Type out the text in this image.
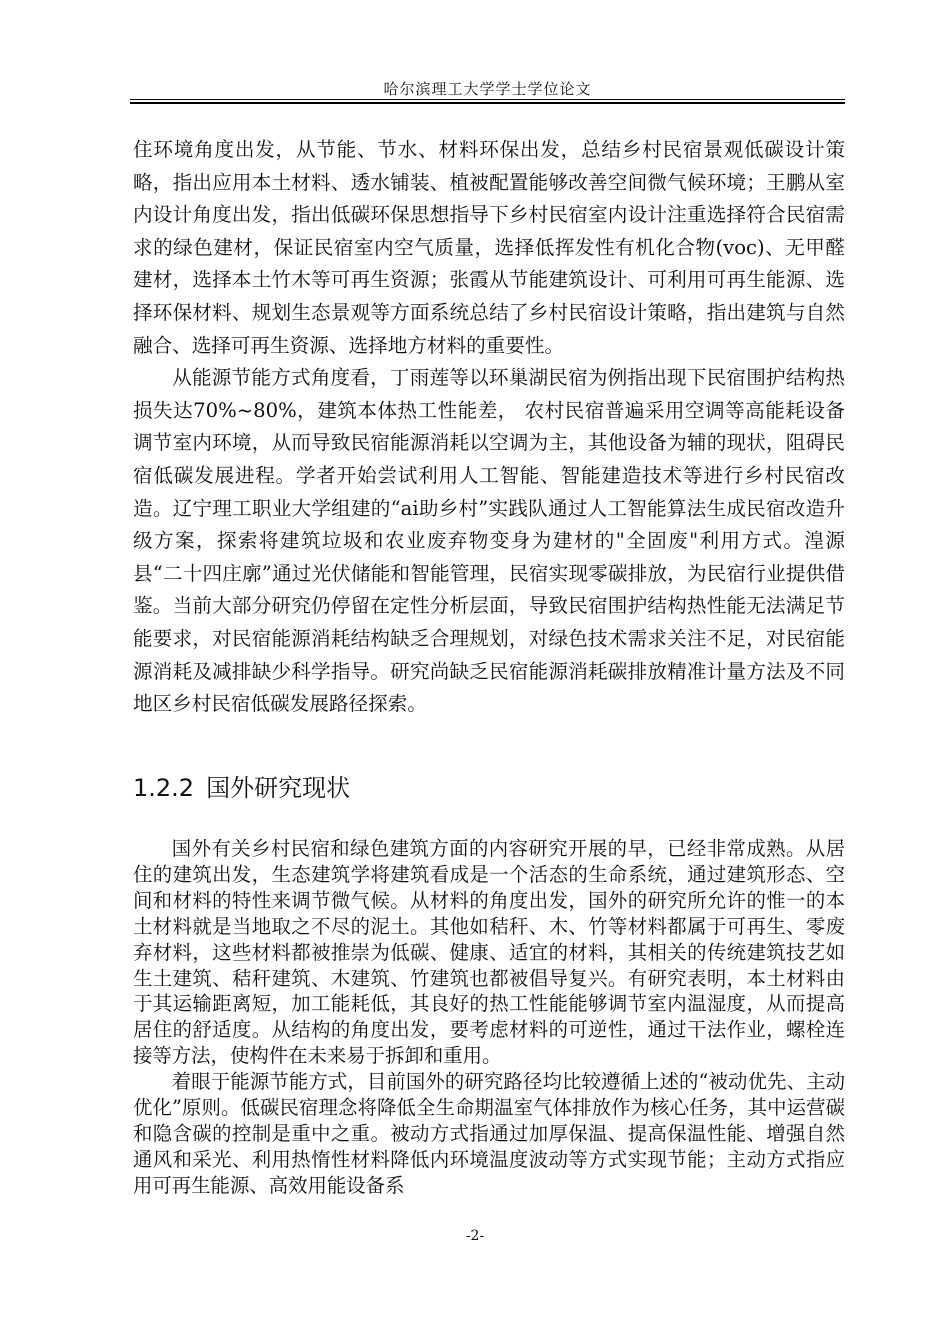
哈尔滨理工大学学士学位论文

住环境角度出发，从节能、节水、材料环保出发，总结乡村民宿景观低碳设计策略，指出应用本土材料、透水铺装、植被配置能够改善空间微气候环境；王鹏从室内设计角度出发，指出低碳环保思想指导下乡村民宿室内设计注重选择符合民宿需求的绿色建材，保证民宿室内空气质量，选择低挥发性有机化合物(voc)、无甲醛建材，选择本土竹木等可再生资源；张霞从节能建筑设计、可利用可再生能源、选择环保材料、规划生态景观等方面系统总结了乡村民宿设计策略，指出建筑与自然融合、选择可再生资源、选择地方材料的重要性。

从能源节能方式角度看，丁雨莲等以环巢湖民宿为例指出现下民宿围护结构热损失达70%~80%，建筑本体热工性能差， 农村民宿普遍采用空调等高能耗设备调节室内环境，从而导致民宿能源消耗以空调为主，其他设备为辅的现状，阻碍民宿低碳发展进程。学者开始尝试利用人工智能、智能建造技术等进行乡村民宿改造。辽宁理工职业大学组建的“ai助乡村”实践队通过人工智能算法生成民宿改造升级方案，探索将建筑垃圾和农业废弃物变身为建材的"全固废"利用方式。湟源县“二十四庄廓”通过光伏储能和智能管理，民宿实现零碳排放，为民宿行业提供借鉴。当前大部分研究仍停留在定性分析层面，导致民宿围护结构热性能无法满足节能要求，对民宿能源消耗结构缺乏合理规划，对绿色技术需求关注不足，对民宿能源消耗及减排缺少科学指导。研究尚缺乏民宿能源消耗碳排放精准计量方法及不同地区乡村民宿低碳发展路径探索。

1.2.2 国外研究现状

国外有关乡村民宿和绿色建筑方面的内容研究开展的早，已经非常成熟。从居住的建筑出发，生态建筑学将建筑看成是一个活态的生命系统，通过建筑形态、空间和材料的特性来调节微气候。从材料的角度出发，国外的研究所允许的惟一的本土材料就是当地取之不尽的泥土。其他如秸秆、木、竹等材料都属于可再生、零废弃材料，这些材料都被推崇为低碳、健康、适宜的材料，其相关的传统建筑技艺如生土建筑、秸秆建筑、木建筑、竹建筑也都被倡导复兴。有研究表明，本土材料由于其运输距离短，加工能耗低，其良好的热工性能能够调节室内温湿度，从而提高居住的舒适度。从结构的角度出发，要考虑材料的可逆性，通过干法作业，螺栓连接等方法，使构件在未来易于拆卸和重用。

着眼于能源节能方式，目前国外的研究路径均比较遵循上述的“被动优先、主动优化”原则。低碳民宿理念将降低全生命期温室气体排放作为核心任务，其中运营碳和隐含碳的控制是重中之重。被动方式指通过加厚保温、提高保温性能、增强自然通风和采光、利用热惰性材料降低内环境温度波动等方式实现节能；主动方式指应用可再生能源、高效用能设备系

-2-
